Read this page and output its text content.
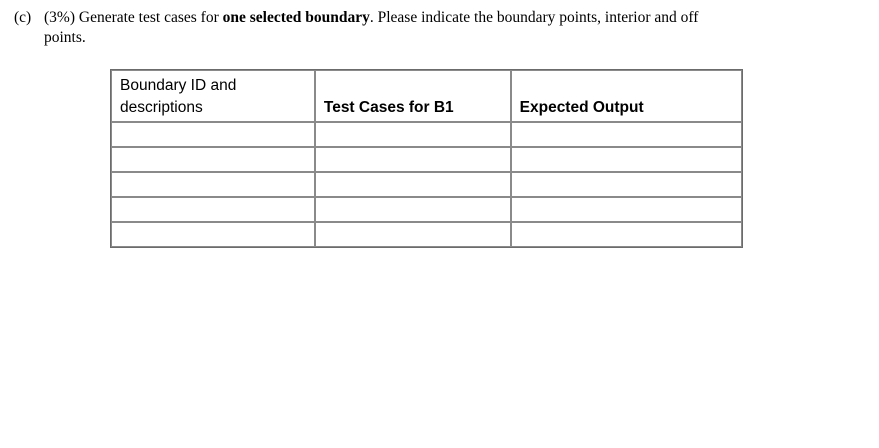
(c) (3%) Generate test cases for one selected boundary. Please indicate the boundary points, interior and off
points.
Boundary ID and descriptions	Test Cases for B1	Expected Output
